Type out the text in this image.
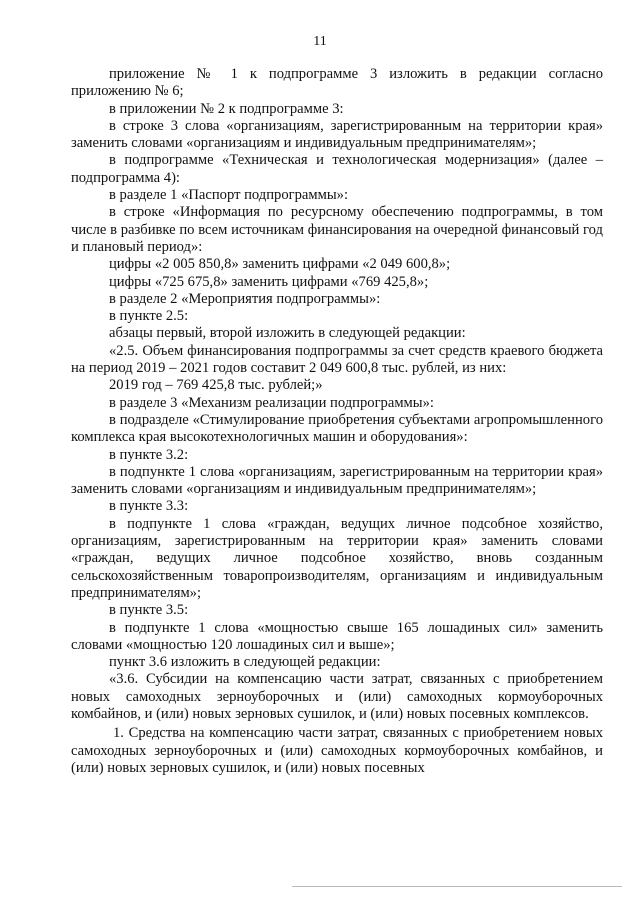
11

приложение № 1 к подпрограмме 3 изложить в редакции согласно приложению № 6;

в приложении № 2 к подпрограмме 3:

в строке 3 слова «организациям, зарегистрированным на территории края» заменить словами «организациям и индивидуальным предпринимателям»;

в подпрограмме «Техническая и технологическая модернизация» (далее – подпрограмма 4):

в разделе 1 «Паспорт подпрограммы»:

в строке «Информация по ресурсному обеспечению подпрограммы, в том числе в разбивке по всем источникам финансирования на очередной финансовый год и плановый период»:

цифры «2 005 850,8» заменить цифрами «2 049 600,8»;

цифры «725 675,8» заменить цифрами «769 425,8»;

в разделе 2 «Мероприятия подпрограммы»:

в пункте 2.5:

абзацы первый, второй изложить в следующей редакции:

«2.5. Объем финансирования подпрограммы за счет средств краевого бюджета на период 2019 – 2021 годов составит 2 049 600,8 тыс. рублей, из них:

2019 год – 769 425,8 тыс. рублей;»

в разделе 3 «Механизм реализации подпрограммы»:

в подразделе «Стимулирование приобретения субъектами агропромышленного комплекса края высокотехнологичных машин и оборудования»:

в пункте 3.2:

в подпункте 1 слова «организациям, зарегистрированным на территории края» заменить словами «организациям и индивидуальным предпринимателям»;

в пункте 3.3:

в подпункте 1 слова «граждан, ведущих личное подсобное хозяйство, организациям, зарегистрированным на территории края» заменить словами «граждан, ведущих личное подсобное хозяйство, вновь созданным сельскохозяйственным товаропроизводителям, организациям и индивидуальным предпринимателям»;

в пункте 3.5:

в подпункте 1 слова «мощностью свыше 165 лошадиных сил» заменить словами «мощностью 120 лошадиных сил и выше»;

пункт 3.6 изложить в следующей редакции:

«3.6. Субсидии на компенсацию части затрат, связанных с приобретением новых самоходных зерноуборочных и (или) самоходных кормоуборочных комбайнов, и (или) новых зерновых сушилок, и (или) новых посевных комплексов.

1. Средства на компенсацию части затрат, связанных с приобретением новых самоходных зерноуборочных и (или) самоходных кормоуборочных комбайнов, и (или) новых зерновых сушилок, и (или) новых посевных
